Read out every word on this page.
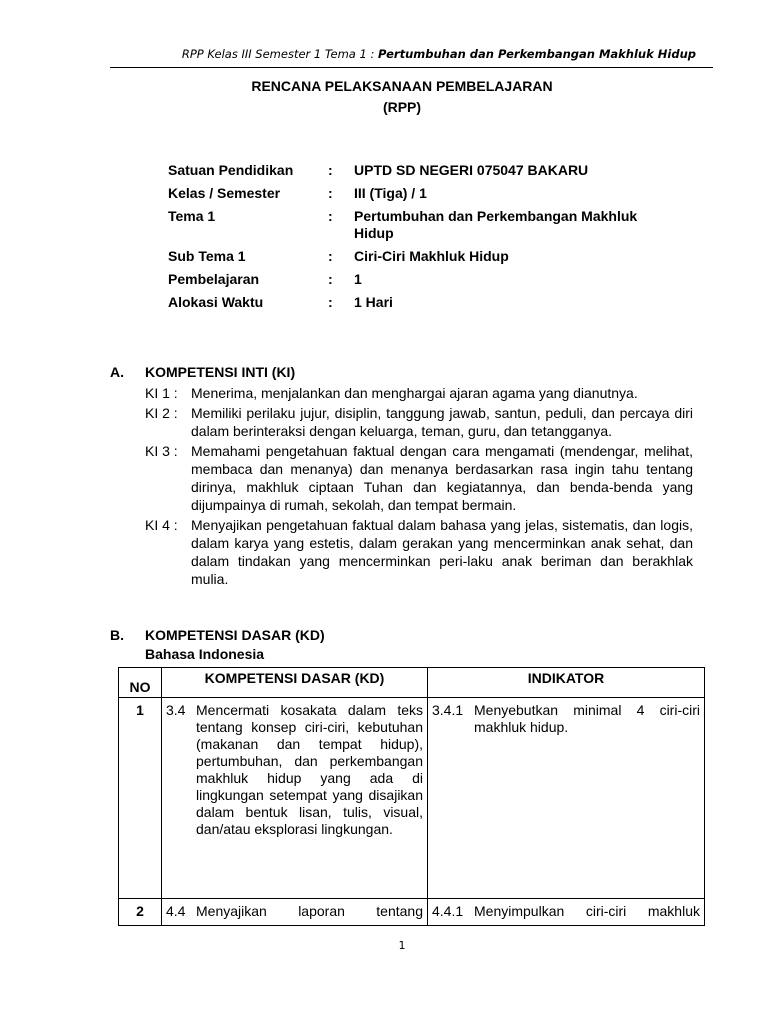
RPP Kelas III Semester 1 Tema 1 : Pertumbuhan dan Perkembangan Makhluk Hidup
RENCANA PELAKSANAAN PEMBELAJARAN
(RPP)
Satuan Pendidikan	:	UPTD SD NEGERI 075047 BAKARU
Kelas / Semester	:	III (Tiga) / 1
Tema 1	:	Pertumbuhan dan Perkembangan Makhluk Hidup
Sub Tema 1	:	Ciri-Ciri Makhluk Hidup
Pembelajaran	:	1
Alokasi Waktu	:	1 Hari
A. KOMPETENSI INTI (KI)
KI 1 : Menerima, menjalankan dan menghargai ajaran agama yang dianutnya.
KI 2 : Memiliki perilaku jujur, disiplin, tanggung jawab, santun, peduli, dan percaya diri dalam berinteraksi dengan keluarga, teman, guru, dan tetangganya.
KI 3 : Memahami pengetahuan faktual dengan cara mengamati (mendengar, melihat, membaca dan menanya) dan menanya berdasarkan rasa ingin tahu tentang dirinya, makhluk ciptaan Tuhan dan kegiatannya, dan benda-benda yang dijumpainya di rumah, sekolah, dan tempat bermain.
KI 4 : Menyajikan pengetahuan faktual dalam bahasa yang jelas, sistematis, dan logis, dalam karya yang estetis, dalam gerakan yang mencerminkan anak sehat, dan dalam tindakan yang mencerminkan peri-laku anak beriman dan berakhlak mulia.
B. KOMPETENSI DASAR (KD)
Bahasa Indonesia
NO	KOMPETENSI DASAR (KD)	INDIKATOR
1	3.4 Mencermati kosakata dalam teks tentang konsep ciri-ciri, kebutuhan (makanan dan tempat hidup), pertumbuhan, dan perkembangan makhluk hidup yang ada di lingkungan setempat yang disajikan dalam bentuk lisan, tulis, visual, dan/atau eksplorasi lingkungan.	3.4.1 Menyebutkan minimal 4 ciri-ciri makhluk hidup.

2	4.4 Menyajikan laporan tentang	4.4.1 Menyimpulkan ciri-ciri makhluk
1
